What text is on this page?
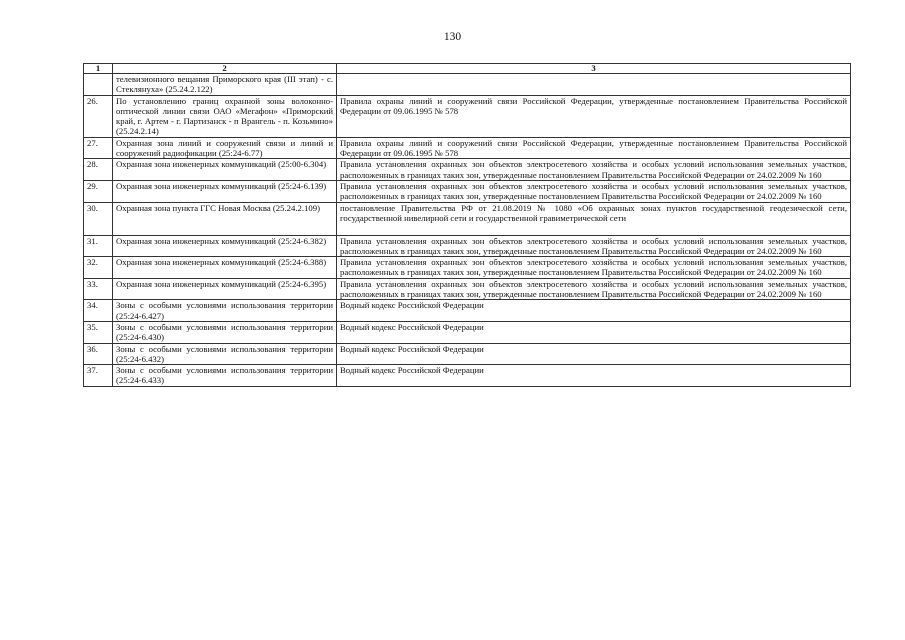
130
1	2	3
	телевизионного вещания Приморского края (III этап) - с. Стеклянуха» (25.24.2.122)	
26.	По установлению границ охранной зоны волоконно-оптической линии связи ОАО «Мегафон» «Приморский край, г. Артем - г. Партизанск - п Врангель - п. Козьмино» (25.24.2.14)	Правила охраны линий и сооружений связи Российской Федерации, утвержденные постановлением Правительства Российской Федерации от 09.06.1995 № 578
27.	Охранная зона линий и сооружений связи и линий и сооружений радиофикации (25:24-6.77)	Правила охраны линий и сооружений связи Российской Федерации, утвержденные постановлением Правительства Российской Федерации от 09.06.1995 № 578
28.	Охранная зона инженерных коммуникаций (25:00-6.304)	Правила установления охранных зон объектов электросетевого хозяйства и особых условий использования земельных участков, расположенных в границах таких зон, утвержденные постановлением Правительства Российской Федерации от 24.02.2009 № 160
29.	Охранная зона инженерных коммуникаций (25:24-6.139)	Правила установления охранных зон объектов электросетевого хозяйства и особых условий использования земельных участков, расположенных в границах таких зон, утвержденные постановлением Правительства Российской Федерации от 24.02.2009 № 160
30.	Охранная зона пункта ГГС Новая Москва (25.24.2.109)	постановление Правительства РФ от 21.08.2019 № 1080 «Об охранных зонах пунктов государственной геодезической сети, государственной нивелирной сети и государственной гравиметрической сети
31.	Охранная зона инженерных коммуникаций (25:24-6.382)	Правила установления охранных зон объектов электросетевого хозяйства и особых условий использования земельных участков, расположенных в границах таких зон, утвержденные постановлением Правительства Российской Федерации от 24.02.2009 № 160
32.	Охранная зона инженерных коммуникаций (25:24-6.388)	Правила установления охранных зон объектов электросетевого хозяйства и особых условий использования земельных участков, расположенных в границах таких зон, утвержденные постановлением Правительства Российской Федерации от 24.02.2009 № 160
33.	Охранная зона инженерных коммуникаций (25:24-6.395)	Правила установления охранных зон объектов электросетевого хозяйства и особых условий использования земельных участков, расположенных в границах таких зон, утвержденные постановлением Правительства Российской Федерации от 24.02.2009 № 160
34.	Зоны с особыми условиями использования территории (25:24-6.427)	Водный кодекс Российской Федерации
35.	Зоны с особыми условиями использования территории (25:24-6.430)	Водный кодекс Российской Федерации
36.	Зоны с особыми условиями использования территории (25:24-6.432)	Водный кодекс Российской Федерации
37.	Зоны с особыми условиями использования территории (25:24-6.433)	Водный кодекс Российской Федерации
